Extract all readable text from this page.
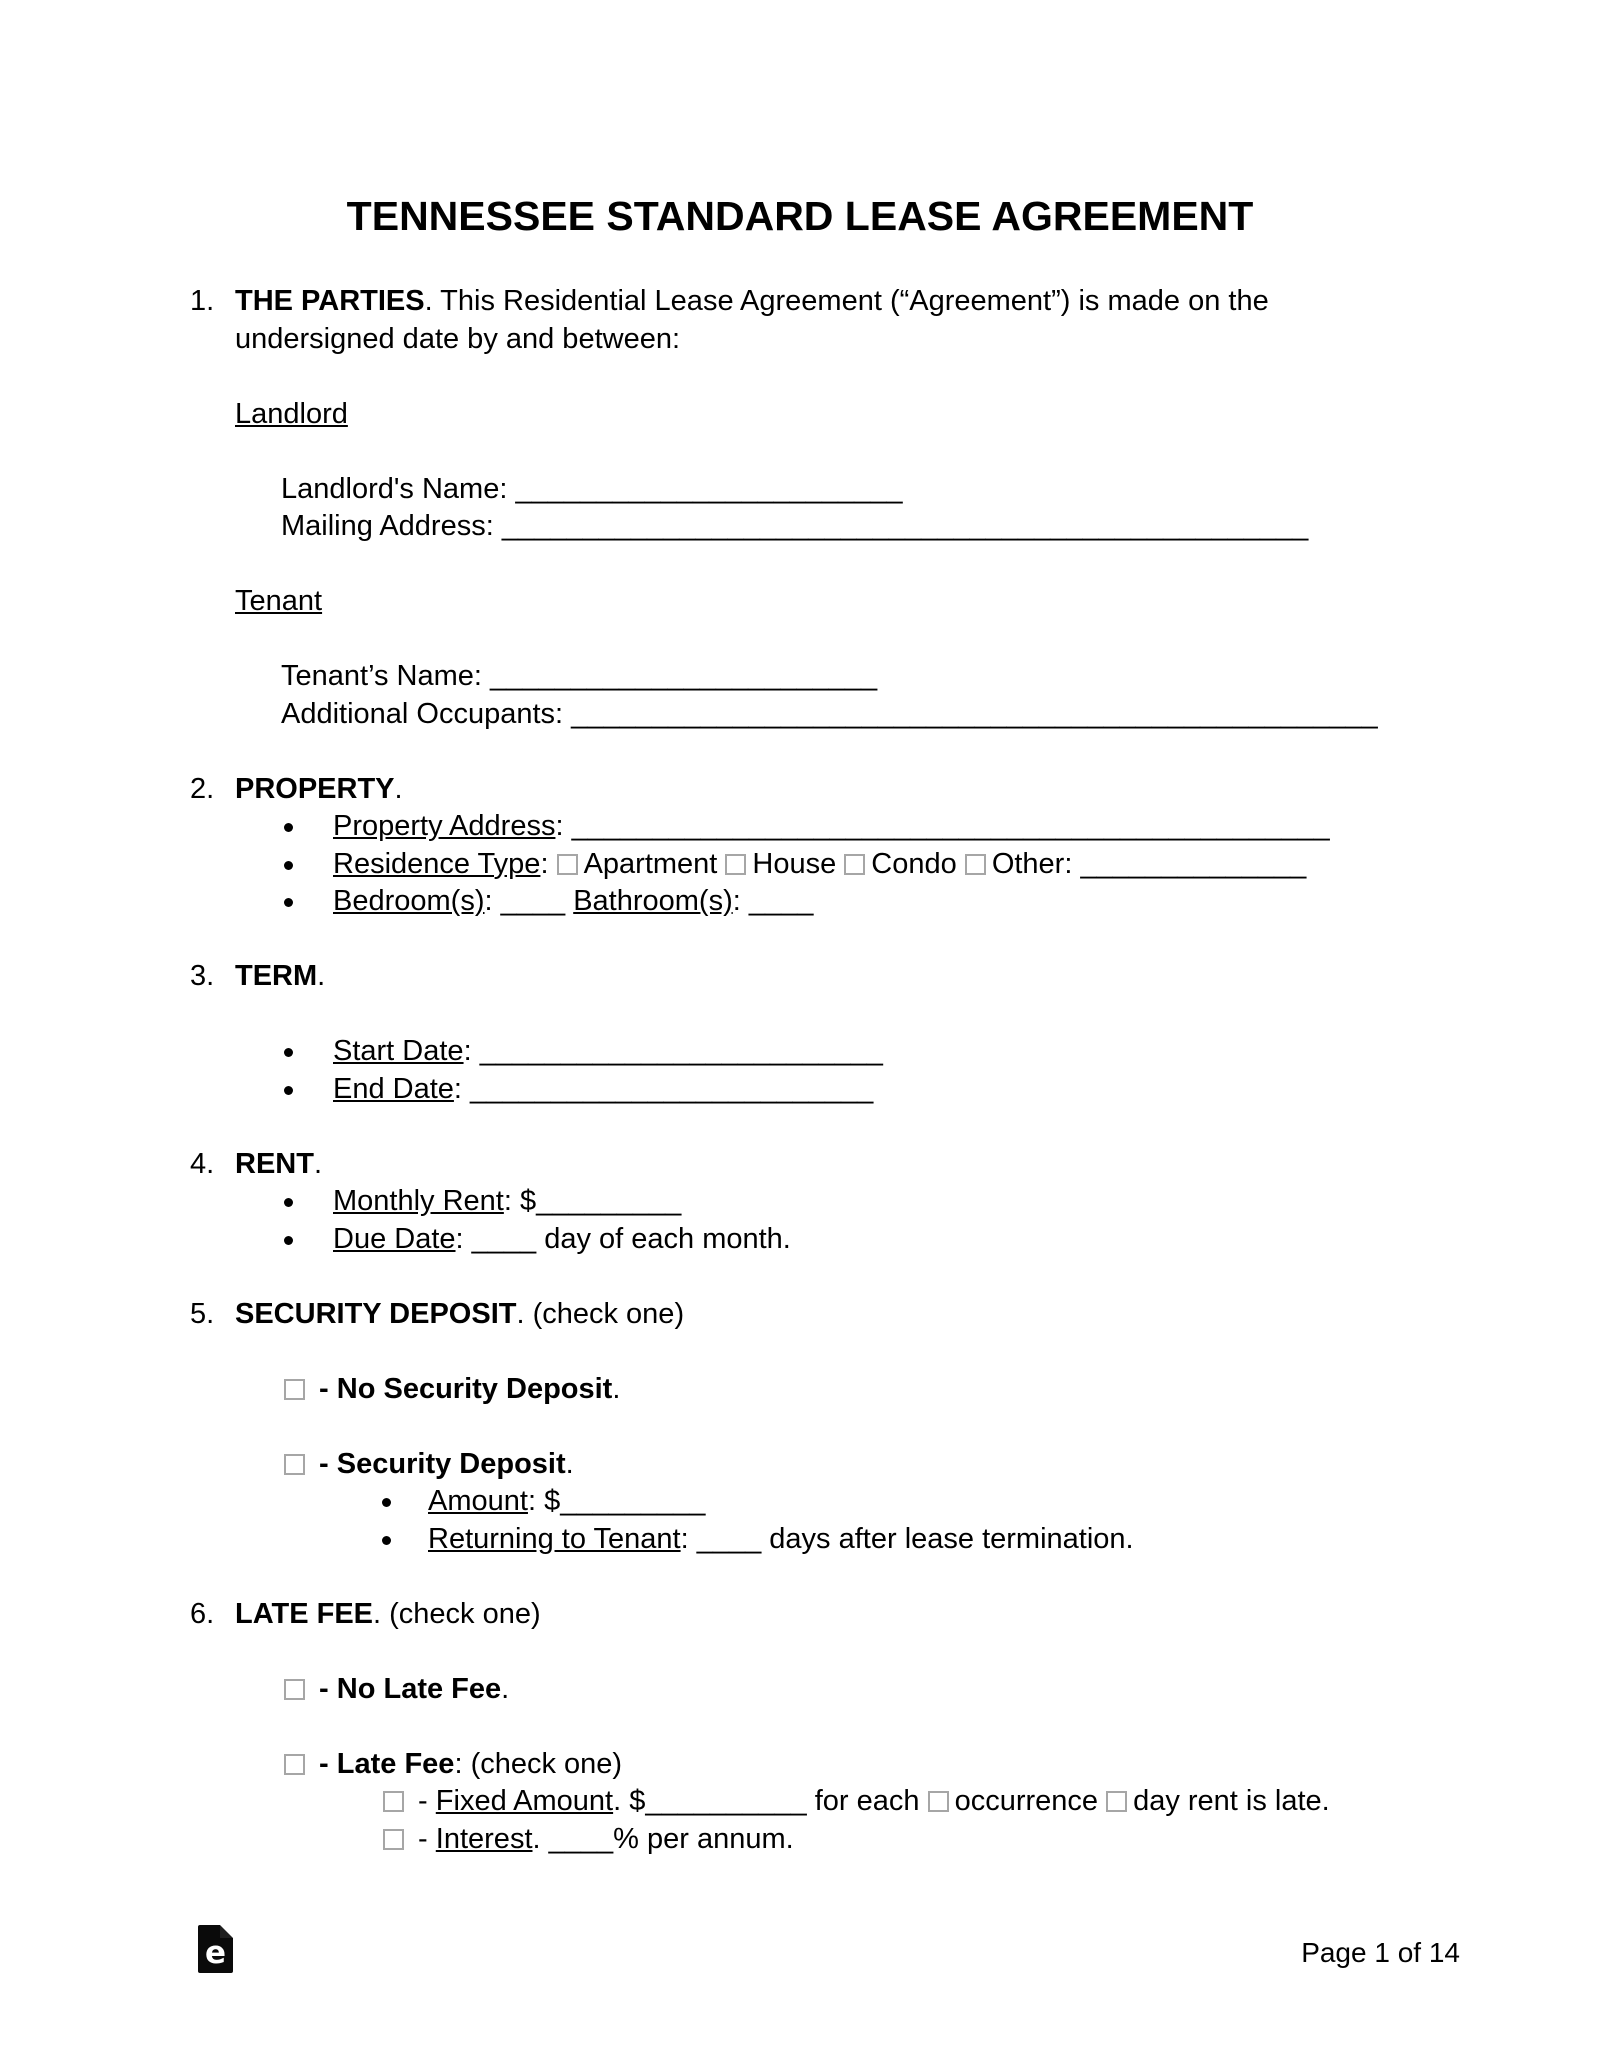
TENNESSEE STANDARD LEASE AGREEMENT
1. THE PARTIES. This Residential Lease Agreement (“Agreement”) is made on the undersigned date by and between:
Landlord
Landlord's Name: ________________________
Mailing Address: __________________________________________________
Tenant
Tenant’s Name: ________________________
Additional Occupants: __________________________________________________
2. PROPERTY.
Property Address: _______________________________________________
Residence Type: Apartment House Condo Other: ______________
Bedroom(s): ____ Bathroom(s): ____
3. TERM.
Start Date: _________________________
End Date: _________________________
4. RENT.
Monthly Rent: $_________
Due Date: ____ day of each month.
5. SECURITY DEPOSIT. (check one)
- No Security Deposit.
- Security Deposit.
Amount: $_________
Returning to Tenant: ____ days after lease termination.
6. LATE FEE. (check one)
- No Late Fee.
- Late Fee: (check one)
- Fixed Amount. $__________ for each occurrence day rent is late.
- Interest. ____% per annum.
e	Page 1 of 14
